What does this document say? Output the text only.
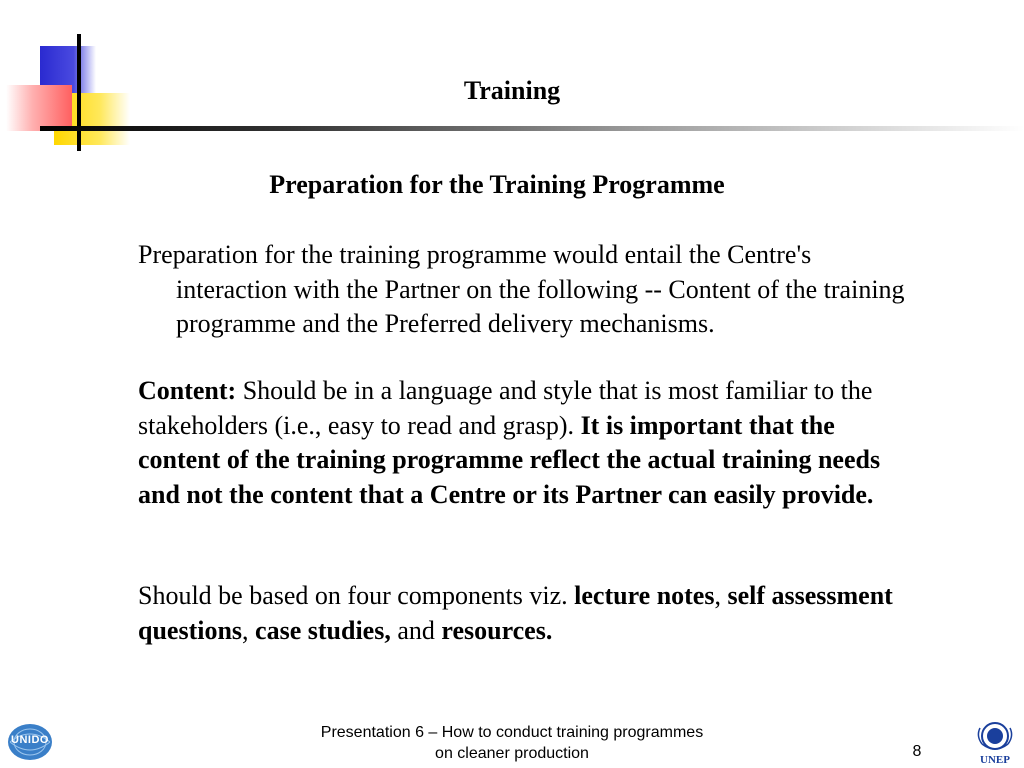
Training
Preparation for the Training Programme
Preparation for the training programme would entail the Centre's interaction with the Partner on the following -- Content of the training programme and the Preferred delivery mechanisms.
Content: Should be in a language and style that is most familiar to the stakeholders (i.e., easy to read and grasp). It is important that the content of the training programme reflect the actual training needs and not the content that a Centre or its Partner can easily provide.
Should be based on four components viz. lecture notes, self assessment questions, case studies, and resources.
UNIDO	Presentation 6 – How to conduct training programmes
on cleaner production	8	UNEP
